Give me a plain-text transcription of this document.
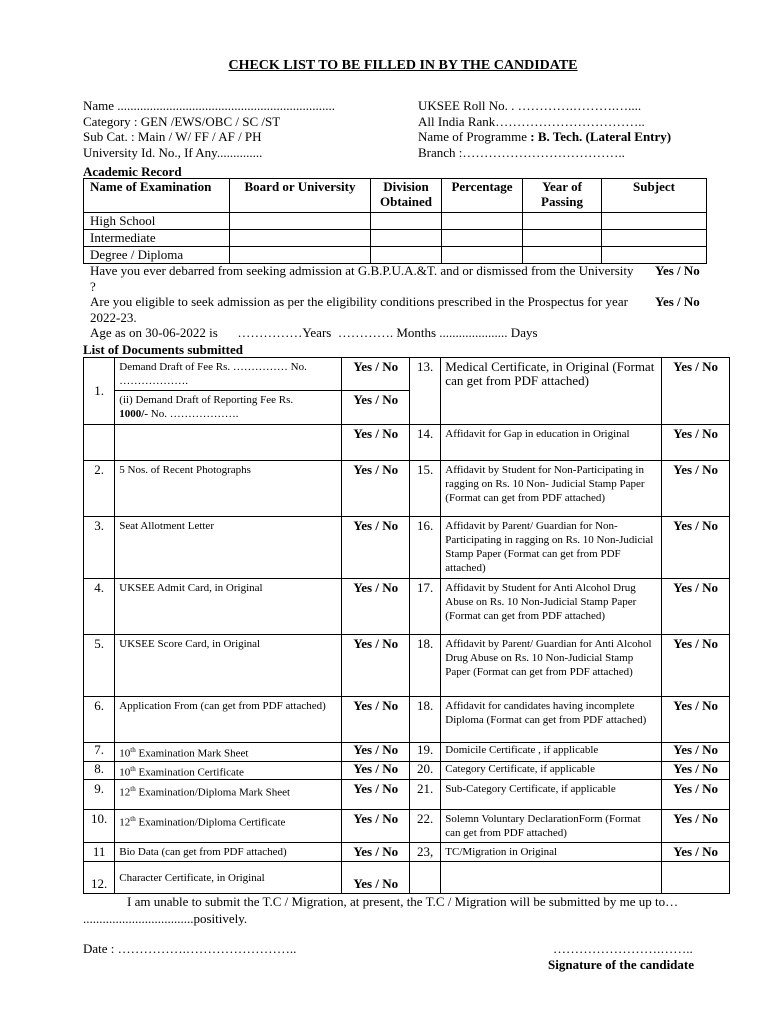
CHECK LIST TO BE FILLED IN BY THE CANDIDATE
Name ...................................................................
Category : GEN /EWS/OBC / SC /ST
Sub Cat. : Main / W/ FF / AF / PH
University Id. No., If Any..............
UKSEE Roll No. . ………….……….…....
All India Rank……………………………..
Name of Programme : B. Tech. (Lateral Entry)
Branch :………………………………..
Academic Record
Name of Examination	Board or University	Division Obtained	Percentage	Year of Passing	Subject
High School					
Intermediate					
Degree / Diploma					
Have you ever debarred from seeking admission at G.B.P.U.A.&T. and or dismissed from the University ?
Yes / No
Are you eligible to seek admission as per the eligibility conditions prescribed in the Prospectus for year 2022-23.
Yes / No
Age as on 30-06-2022 is      ……………Years  …………. Months ..................... Days
List of Documents submitted
1.	Demand Draft of Fee Rs. …………… No. ……………….	Yes / No	13.	Medical Certificate, in Original (Format can get from PDF attached)	Yes / No
	(ii) Demand Draft of Reporting Fee Rs.
1000/- No. ……………….	Yes / No			
		Yes / No	14.	Affidavit for Gap in education in Original	Yes / No
2.	5 Nos. of Recent Photographs	Yes / No	15.	Affidavit by Student for Non-Participating in ragging on Rs. 10 Non- Judicial Stamp Paper (Format can get from PDF attached)	Yes / No
3.	Seat Allotment Letter	Yes / No	16.	Affidavit by Parent/ Guardian for Non-Participating in ragging on Rs. 10 Non-Judicial Stamp Paper (Format can get from PDF attached)	Yes / No
4.	UKSEE Admit Card, in Original	Yes / No	17.	Affidavit by Student for Anti Alcohol Drug Abuse on Rs. 10 Non-Judicial Stamp Paper (Format can get from PDF attached)	Yes / No
5.	UKSEE Score Card, in Original	Yes / No	18.	Affidavit by Parent/ Guardian for Anti Alcohol Drug Abuse on Rs. 10 Non-Judicial Stamp Paper (Format can get from PDF attached)	Yes / No
6.	Application From (can get from PDF attached)	Yes / No	18.	Affidavit for candidates having incomplete Diploma (Format can get from PDF attached)	Yes / No
7.	10th Examination Mark Sheet	Yes / No	19.	Domicile Certificate , if applicable	Yes / No
8.	10th Examination Certificate	Yes / No	20.	Category Certificate, if applicable	Yes / No
9.	12th Examination/Diploma Mark Sheet	Yes / No	21.	Sub-Category Certificate, if applicable	Yes / No
10.	12th Examination/Diploma Certificate	Yes / No	22.	Solemn Voluntary DeclarationForm (Format can get from PDF attached)	Yes / No
11	Bio Data (can get from PDF attached)	Yes / No	23,	TC/Migration in Original	Yes / No
12.	Character Certificate, in Original	Yes / No			
I am unable to submit the T.C / Migration, at present, the T.C / Migration will be submitted by me up to… ..................................positively.
Date : …………….……………………..	…………………….……..
Signature of the candidate
